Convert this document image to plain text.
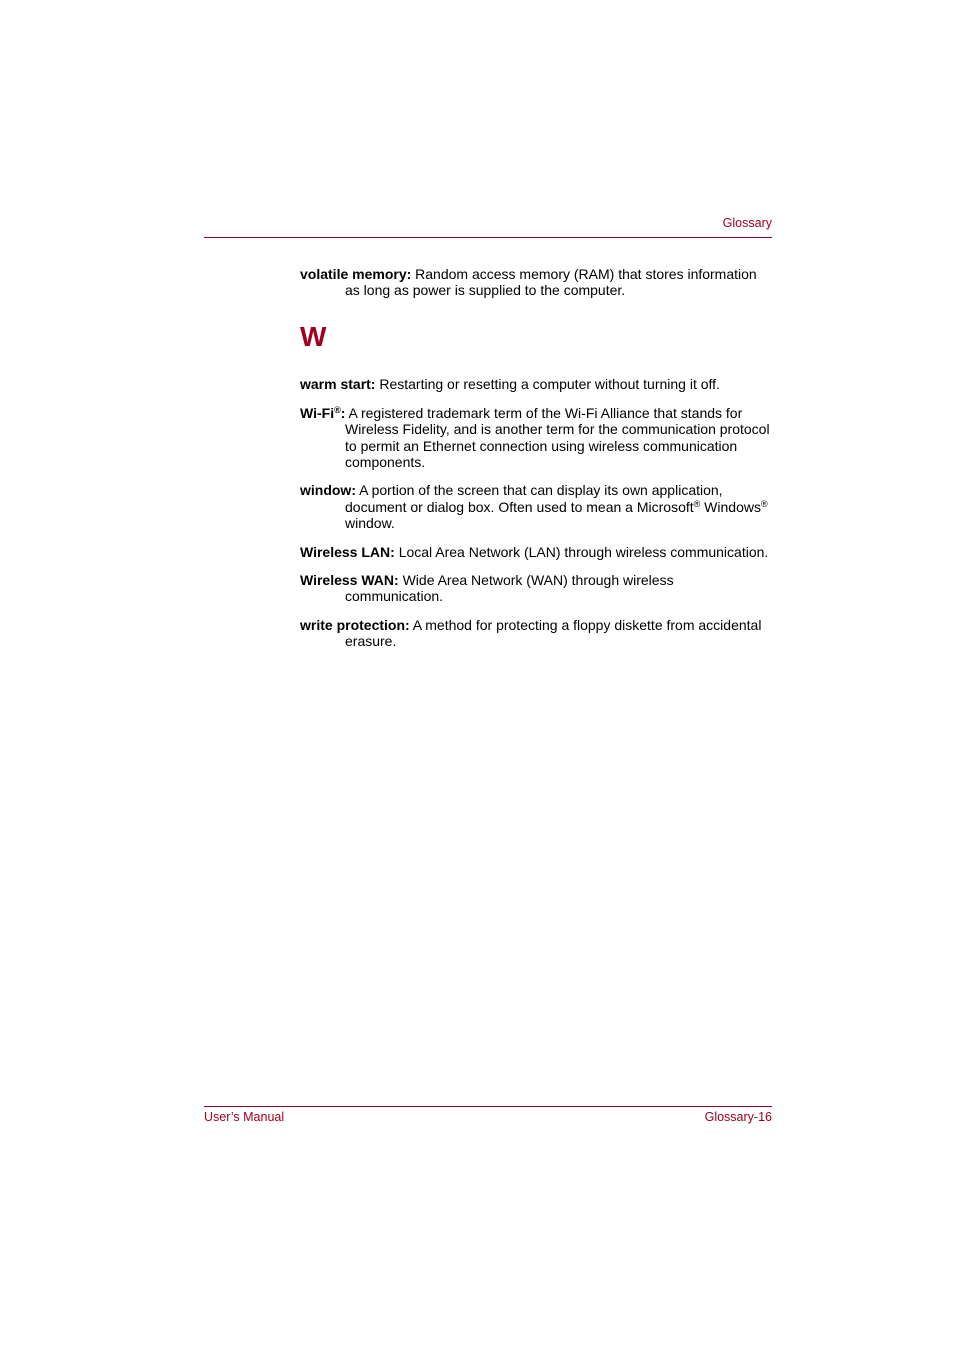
Glossary
volatile memory: Random access memory (RAM) that stores information as long as power is supplied to the computer.
W
warm start: Restarting or resetting a computer without turning it off.
Wi-Fi®: A registered trademark term of the Wi-Fi Alliance that stands for Wireless Fidelity, and is another term for the communication protocol to permit an Ethernet connection using wireless communication components.
window: A portion of the screen that can display its own application, document or dialog box. Often used to mean a Microsoft® Windows® window.
Wireless LAN: Local Area Network (LAN) through wireless communication.
Wireless WAN: Wide Area Network (WAN) through wireless communication.
write protection: A method for protecting a floppy diskette from accidental erasure.
User’s Manual	Glossary-16
